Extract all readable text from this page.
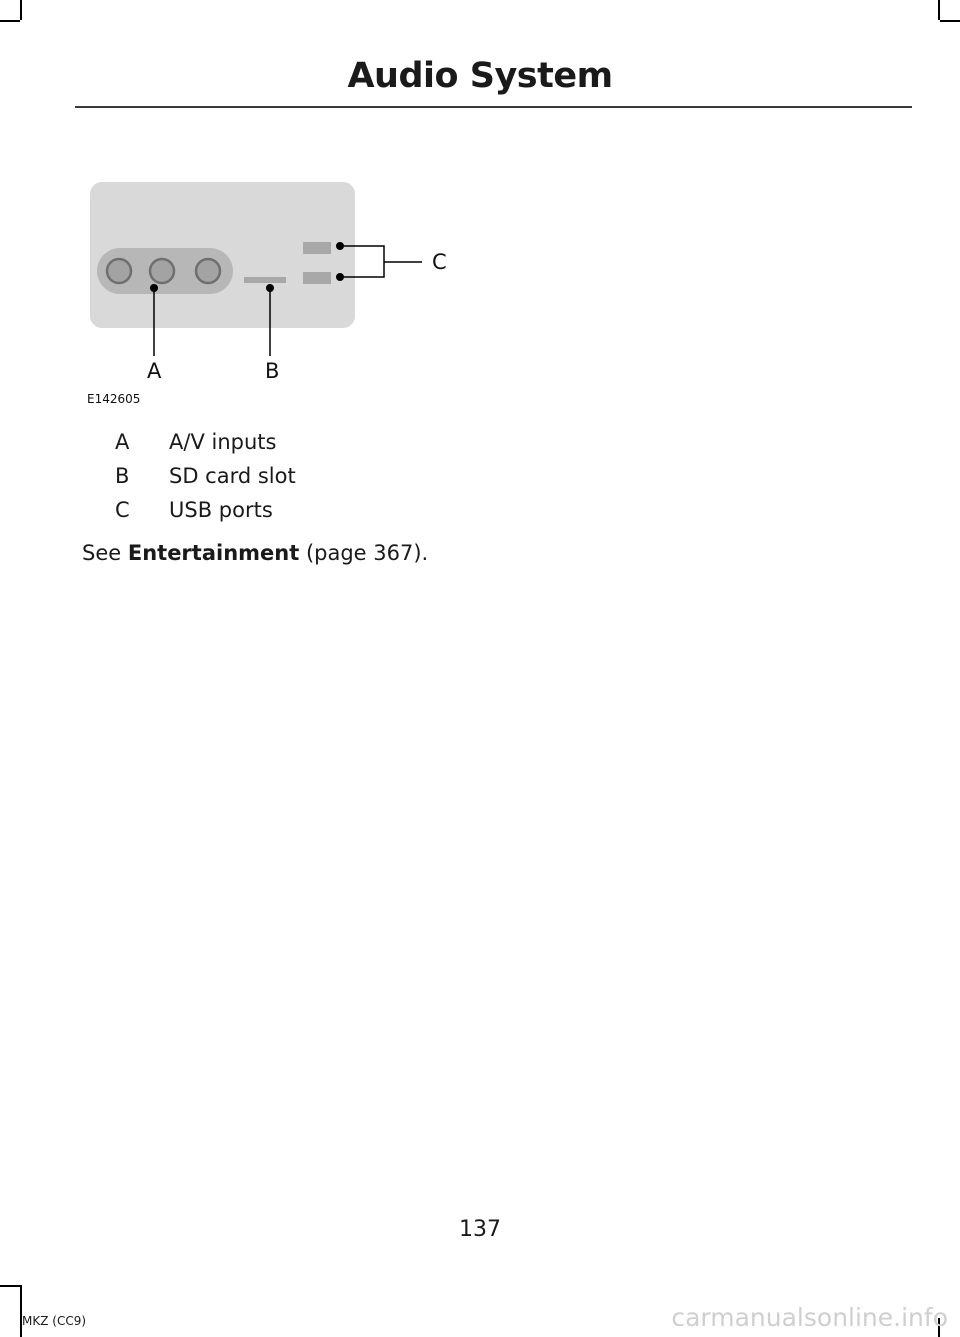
Audio System
A	B
C
E142605
A A/V inputs
B SD card slot
C USB ports
See Entertainment (page 367).
137
MKZ (CC9)	carmanualsonline.info
